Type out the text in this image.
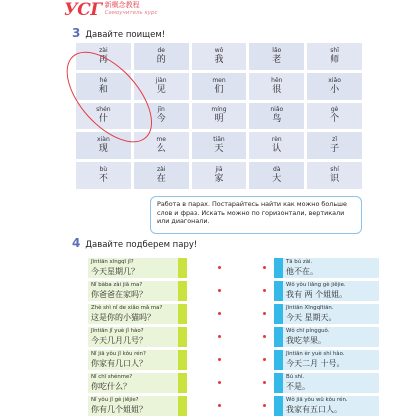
УСГ 新概念教程
Самоучитель курс
3 Давайте поищем!
zài
再
de
的
wǒ
我
lǎo
老
shī
师
hé
和
jiàn
见
men
们
hěn
很
xiǎo
小
shén
什
jīn
今
míng
明
niǎo
鸟
gè
个
xiàn
现
me
么
tiān
天
rèn
认
zǐ
子
bù
不
zài
在
jiā
家
dà
大
shí
识
Работа в парах. Постарайтесь найти как можно больше слов и фраз. Искать можно по горизонтали, вертикали или диагонали.
4 Давайте подберем пару!
Jīntiān xīngqī jǐ?
今天星期几？
Tā bú zài.
他不在。
Nǐ bàba zài jiā ma?
你爸爸在家吗？
Wǒ yǒu liǎng gè jiějie.
我有 两 个姐姐。
Zhè shì nǐ de xiǎo mǎ ma?
这是你的小猫吗？
Jīntiān Xīngqītiān.
今天 星期天。
Jīntiān jǐ yuè jǐ hào?
今天几月几号？
Wǒ chī píngguǒ.
我吃苹果。
Nǐ jiā yǒu jǐ kǒu rén?
你家有几口人？
Jīntiān èr yuè shí hào.
今天二月 十号。
Nǐ chī shénme?
你吃什么？
Bú shì.
不是。
Nǐ yǒu jǐ gè jiějie?
你有几个姐姐？
Wǒ jiā yǒu wǔ kǒu rén.
我家有五口人。
